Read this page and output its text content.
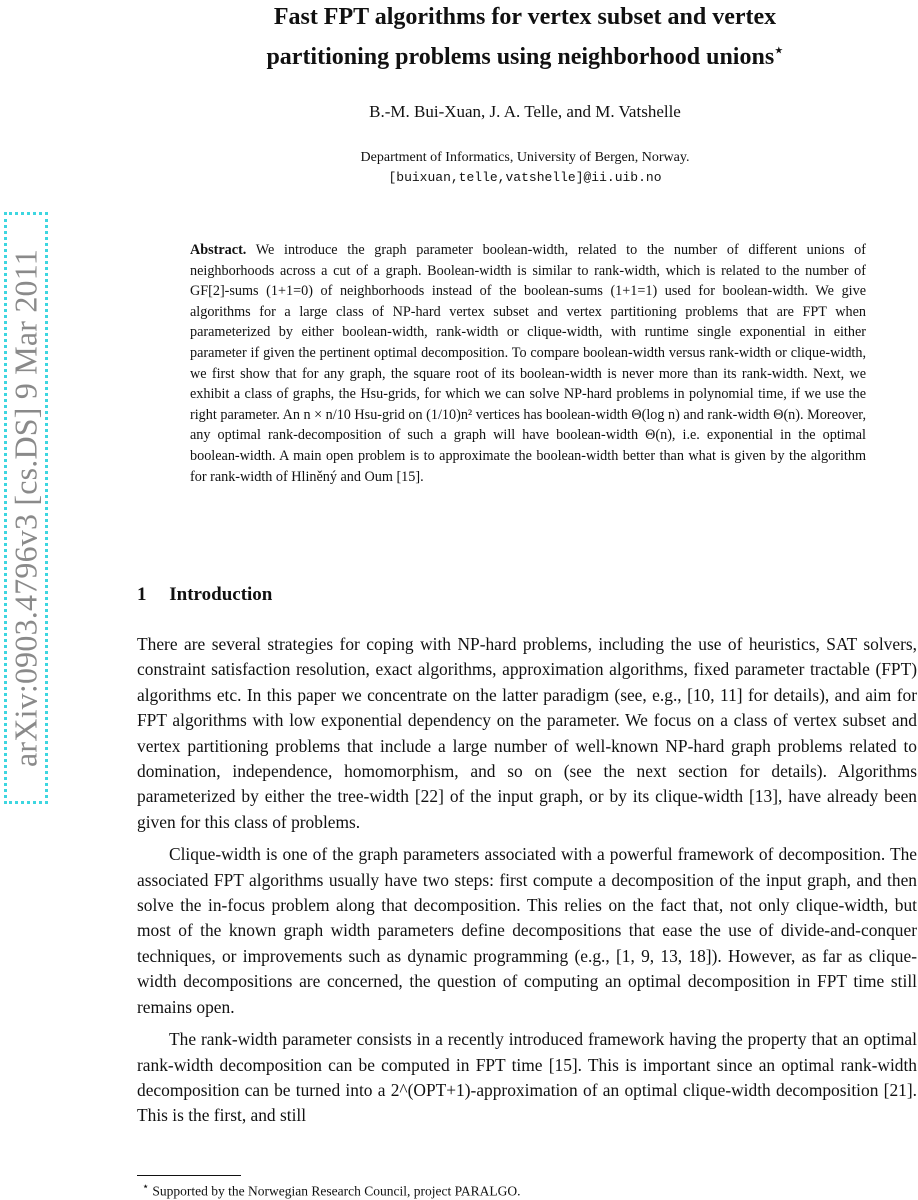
arXiv:0903.4796v3 [cs.DS] 9 Mar 2011
Fast FPT algorithms for vertex subset and vertex
partitioning problems using neighborhood unions⋆
B.-M. Bui-Xuan, J. A. Telle, and M. Vatshelle
Department of Informatics, University of Bergen, Norway.
[buixuan,telle,vatshelle]@ii.uib.no
Abstract. We introduce the graph parameter boolean-width, related to the number of different unions of neighborhoods across a cut of a graph. Boolean-width is similar to rank-width, which is related to the number of GF[2]-sums (1+1=0) of neighborhoods instead of the boolean-sums (1+1=1) used for boolean-width. We give algorithms for a large class of NP-hard vertex subset and vertex partitioning problems that are FPT when parameterized by either boolean-width, rank-width or clique-width, with runtime single exponential in either parameter if given the pertinent optimal decomposition. To compare boolean-width versus rank-width or clique-width, we first show that for any graph, the square root of its boolean-width is never more than its rank-width. Next, we exhibit a class of graphs, the Hsu-grids, for which we can solve NP-hard problems in polynomial time, if we use the right parameter. An n × n/10 Hsu-grid on (1/10)n² vertices has boolean-width Θ(log n) and rank-width Θ(n). Moreover, any optimal rank-decomposition of such a graph will have boolean-width Θ(n), i.e. exponential in the optimal boolean-width. A main open problem is to approximate the boolean-width better than what is given by the algorithm for rank-width of Hliněný and Oum [15].
1 Introduction

There are several strategies for coping with NP-hard problems, including the use of heuristics, SAT solvers, constraint satisfaction resolution, exact algorithms, approximation algorithms, fixed parameter tractable (FPT) algorithms etc. In this paper we concentrate on the latter paradigm (see, e.g., [10, 11] for details), and aim for FPT algorithms with low exponential dependency on the parameter. We focus on a class of vertex subset and vertex partitioning problems that include a large number of well-known NP-hard graph problems related to domination, independence, homomorphism, and so on (see the next section for details). Algorithms parameterized by either the tree-width [22] of the input graph, or by its clique-width [13], have already been given for this class of problems.

Clique-width is one of the graph parameters associated with a powerful framework of decomposition. The associated FPT algorithms usually have two steps: first compute a decomposition of the input graph, and then solve the in-focus problem along that decomposition. This relies on the fact that, not only clique-width, but most of the known graph width parameters define decompositions that ease the use of divide-and-conquer techniques, or improvements such as dynamic programming (e.g., [1, 9, 13, 18]). However, as far as clique-width decompositions are concerned, the question of computing an optimal decomposition in FPT time still remains open.

The rank-width parameter consists in a recently introduced framework having the property that an optimal rank-width decomposition can be computed in FPT time [15]. This is important since an optimal rank-width decomposition can be turned into a 2^(OPT+1)-approximation of an optimal clique-width decomposition [21]. This is the first, and still

⋆ Supported by the Norwegian Research Council, project PARALGO.
